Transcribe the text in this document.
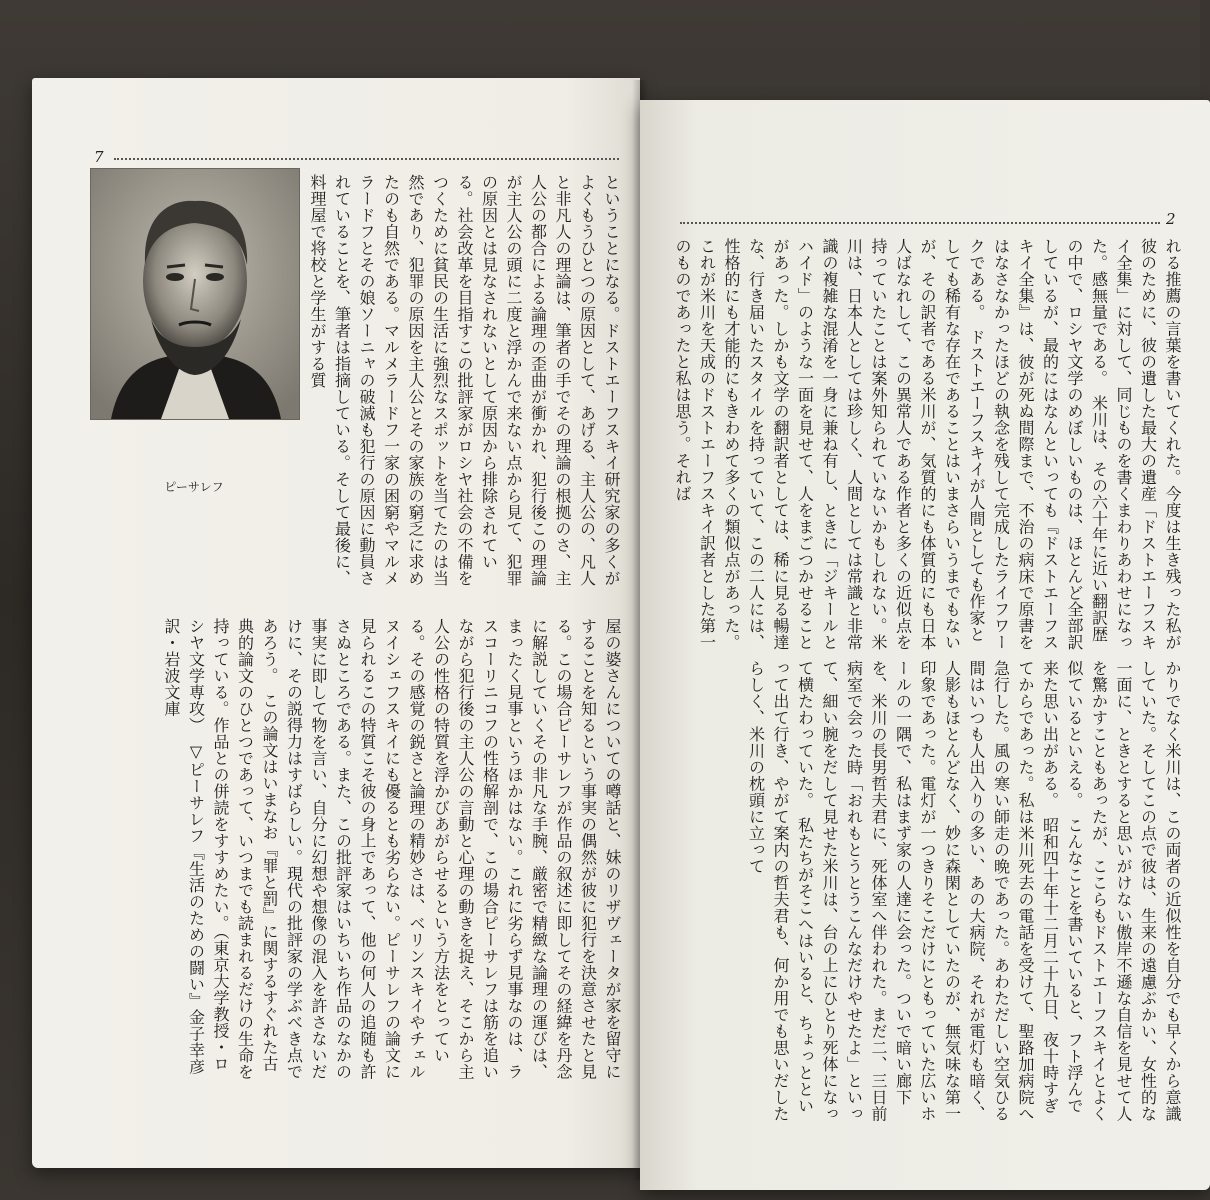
7
ピーサレフ	ということになる。ドストエーフスキイ研究家の多くがよくもうひとつの原因として、あげる、主人公の、凡人と非凡人の理論は、筆者の手でその理論の根拠のさ、主人公の都合による論理の歪曲が衝かれ、犯行後この理論が主人公の頭に二度と浮かんで来ない点から見て、犯罪の原因とは見なされないとして原因から排除されている。社会改革を目指すこの批評家がロシヤ社会の不備をつくために貧民の生活に強烈なスポットを当てたのは当然であり、犯罪の原因を主人公とその家族の窮乏に求めたのも自然である。マルメラードフ一家の困窮やマルメラードフとその娘ソーニャの破滅も犯行の原因に動員されていることを、筆者は指摘している。そして最後に、料理屋で将校と学生がする質
屋の婆さんについての噂話と、妹のリザヴェータが家を留守にすることを知るという事実の偶然が彼に犯行を決意させたと見る。この場合ピーサレフが作品の叙述に即してその経緯を丹念に解説していくその非凡な手腕、厳密で精緻な論理の運びは、まったく見事というほかはない。これに劣らず見事なのは、ラスコーリニコフの性格解剖で、この場合ピーサレフは筋を追いながら犯行後の主人公の言動と心理の動きを捉え、そこから主人公の性格の特質を浮かびあがらせるという方法をとっている。その感覚の鋭さと論理の精妙さは、ベリンスキイやチェルヌイシェフスキイにも優るとも劣らない。ピーサレフの論文に見られるこの特質こそ彼の身上であって、他の何人の追随も許さぬところである。また、この批評家はいちいち作品のなかの事実に即して物を言い、自分に幻想や想像の混入を許さないだけに、その説得力はすばらしい。現代の批評家の学ぶべき点であろう。　この論文はいまなお『罪と罰』に関するすぐれた古典的論文のひとつであって、いつまでも読まれるだけの生命を持っている。作品との併読をすすめたい。（東京大学教授・ロシヤ文学専攻）　▽ピーサレフ『生活のための闘い』金子幸彦訳・岩波文庫
2
れる推薦の言葉を書いてくれた。今度は生き残った私が彼のために、彼の遺した最大の遺産「ドストエーフスキイ全集」に対して、同じものを書くまわりあわせになった。感無量である。　米川は、その六十年に近い翻訳歴の中で、ロシヤ文学のめぼしいものは、ほとんど全部訳しているが、最的にはなんといっても『ドストエーフスキイ全集』は、彼が死ぬ間際まで、不治の病床で原書をはなさなかったほどの執念を残して完成したライフワークである。　ドストエーフスキイが人間としても作家としても稀有な存在であることはいまさらいうまでもないが、その訳者である米川が、気質的にも体質的にも日本人ばなれして、この異常人である作者と多くの近似点を持っていたことは案外知られていないかもしれない。米川は、日本人としては珍しく、人間としては常識と非常識の複雑な混淆を一身に兼ね有し、ときに「ジキールとハイド」のような一面を見せて、人をまごつかせることがあった。しかも文学の翻訳者としては、稀に見る暢達な、行き届いたスタイルを持っていて、この二人には、性格的にも才能的にもきわめて多くの類似点があった。これが米川を天成のドストエーフスキイ訳者とした第一のものであったと私は思う。それば
かりでなく米川は、この両者の近似性を自分でも早くから意識していた。そしてこの点で彼は、生来の遠慮ぶかい、女性的な一面に、ときとすると思いがけない傲岸不遜な自信を見せて人を驚かすこともあったが、ここらもドストエーフスキイとよく似ているといえる。　こんなことを書いていると、フト浮んで来た思い出がある。　昭和四十年十二月二十九日、夜十時すぎてからであった。私は米川死去の電話を受けて、聖路加病院へ急行した。風の寒い師走の晩であった。あわただしい空気ひる間はいつも人出入りの多い、あの大病院、それが電灯も暗く、人影もほとんどなく、妙に森閑としていたのが、無気味な第一印象であった。電灯が一つきりそこだけにともっていた広いホールの一隅で、私はまず家の人達に会った。ついで暗い廊下を、米川の長男哲夫君に、死体室へ伴われた。まだ二、三日前病室で会った時「おれもとうとうこんなだけやせたよ」といって、細い腕をだして見せた米川は、台の上にひとり死体になって横たわっていた。　私たちがそこへはいると、ちょっとといって出て行き、やがて案内の哲夫君も、何か用でも思いだしたらしく、米川の枕頭に立って
